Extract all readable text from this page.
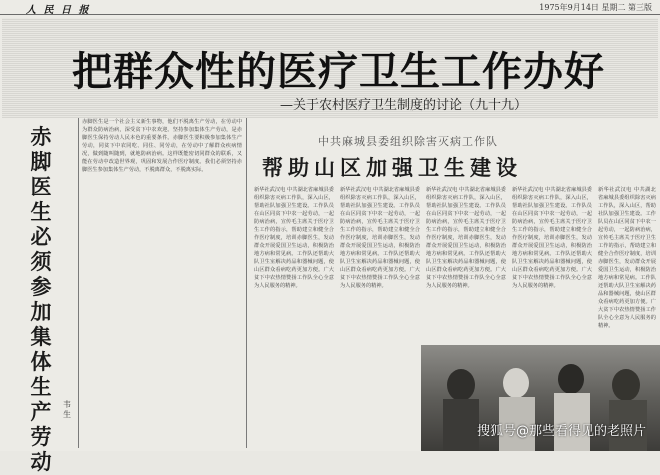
人 民 日 报	1975年9月14日 星期二 第三版
把群众性的医疗卫生工作办好
—关于农村医疗卫生制度的讨论（九十九）
赤
脚
医
生
必
须
参
加
集
体
生
产
劳
动
韦 生
赤脚医生是一个社会主义新生事物，他们不脱离生产劳动，在劳动中为群众防病治病，深受贫下中农欢迎。坚持参加集体生产劳动，是赤脚医生保持劳动人民本色的重要条件。赤脚医生要积极参加集体生产劳动，同贫下中农同吃、同住、同劳动，在劳动中了解群众疾病情况，做到随叫随到，就地防病治病。这样既能密切同群众的联系，又能在劳动中改造世界观，巩固和发展合作医疗制度。我们必须坚持赤脚医生参加集体生产劳动，不脱离群众，不脱离实际。
中共麻城县委组织除害灭病工作队
帮助山区加强卫生建设
新华社武汉电 中共湖北省麻城县委组织除害灭病工作队，深入山区，帮助社队加强卫生建设。工作队员在山区同贫下中农一起劳动，一起防病治病，宣传毛主席关于医疗卫生工作的指示，帮助建立和健全合作医疗制度，培训赤脚医生，发动群众开展爱国卫生运动，积极防治地方病和常见病。工作队还帮助大队卫生室解决药品和器械问题，使山区群众看病吃药更加方便。广大贫下中农热情赞扬工作队全心全意为人民服务的精神。
新华社武汉电 中共湖北省麻城县委组织除害灭病工作队，深入山区，帮助社队加强卫生建设。工作队员在山区同贫下中农一起劳动，一起防病治病，宣传毛主席关于医疗卫生工作的指示，帮助建立和健全合作医疗制度，培训赤脚医生，发动群众开展爱国卫生运动，积极防治地方病和常见病。工作队还帮助大队卫生室解决药品和器械问题，使山区群众看病吃药更加方便。广大贫下中农热情赞扬工作队全心全意为人民服务的精神。
新华社武汉电 中共湖北省麻城县委组织除害灭病工作队，深入山区，帮助社队加强卫生建设。工作队员在山区同贫下中农一起劳动，一起防病治病，宣传毛主席关于医疗卫生工作的指示，帮助建立和健全合作医疗制度，培训赤脚医生，发动群众开展爱国卫生运动，积极防治地方病和常见病。工作队还帮助大队卫生室解决药品和器械问题，使山区群众看病吃药更加方便。广大贫下中农热情赞扬工作队全心全意为人民服务的精神。
新华社武汉电 中共湖北省麻城县委组织除害灭病工作队，深入山区，帮助社队加强卫生建设。工作队员在山区同贫下中农一起劳动，一起防病治病，宣传毛主席关于医疗卫生工作的指示，帮助建立和健全合作医疗制度，培训赤脚医生，发动群众开展爱国卫生运动，积极防治地方病和常见病。工作队还帮助大队卫生室解决药品和器械问题，使山区群众看病吃药更加方便。广大贫下中农热情赞扬工作队全心全意为人民服务的精神。
新华社武汉电 中共湖北省麻城县委组织除害灭病工作队，深入山区，帮助社队加强卫生建设。工作队员在山区同贫下中农一起劳动，一起防病治病，宣传毛主席关于医疗卫生工作的指示，帮助建立和健全合作医疗制度，培训赤脚医生，发动群众开展爱国卫生运动，积极防治地方病和常见病。工作队还帮助大队卫生室解决药品和器械问题，使山区群众看病吃药更加方便。广大贫下中农热情赞扬工作队全心全意为人民服务的精神。
搜狐号@那些看得见的老照片
